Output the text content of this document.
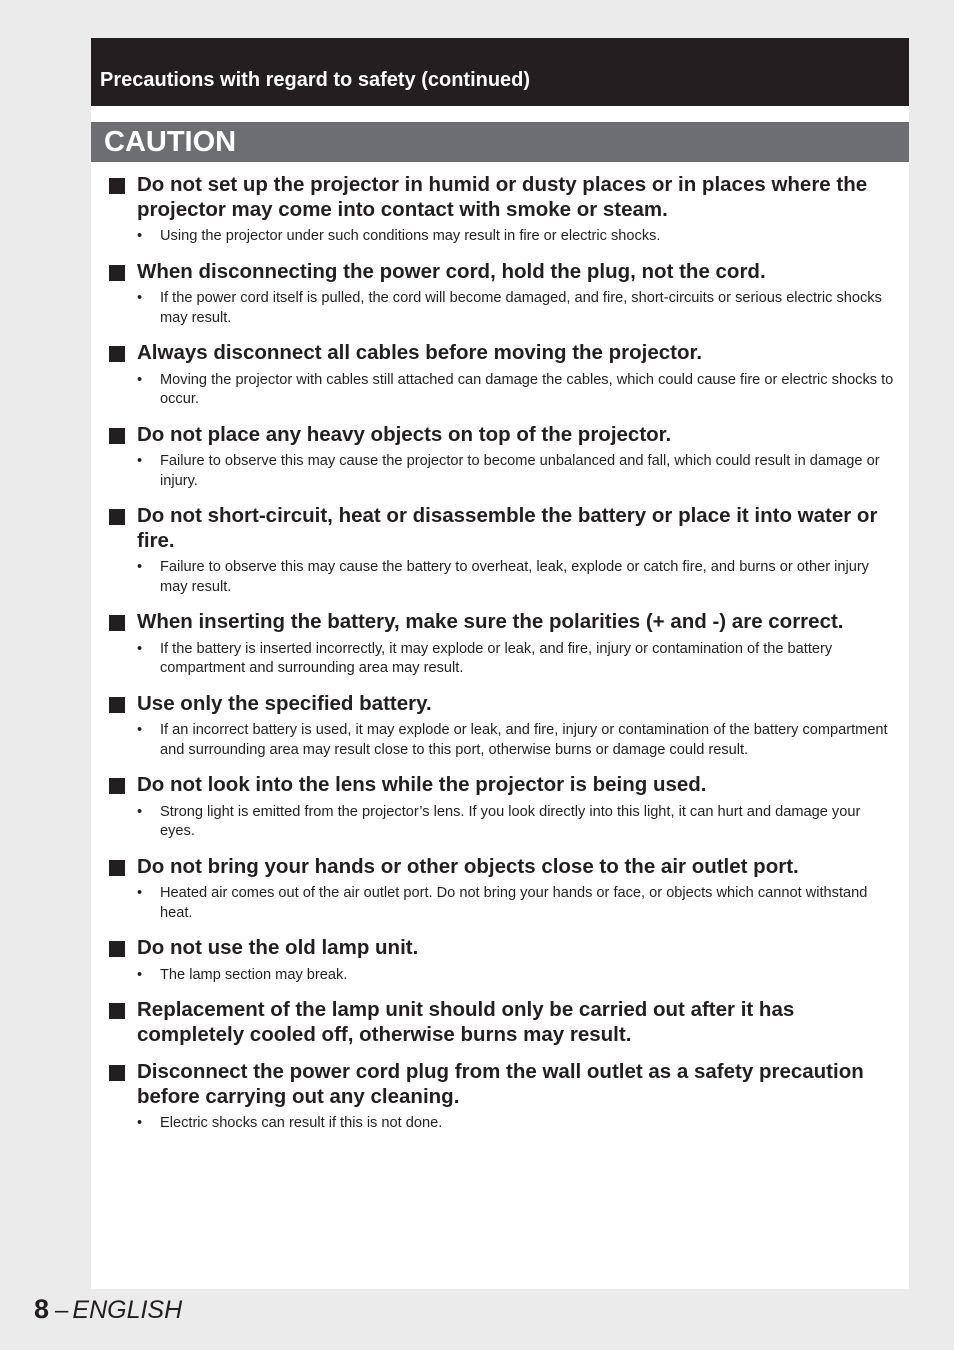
Precautions with regard to safety (continued)
CAUTION
Do not set up the projector in humid or dusty places or in places where the projector may come into contact with smoke or steam.
• Using the projector under such conditions may result in fire or electric shocks.
When disconnecting the power cord, hold the plug, not the cord.
• If the power cord itself is pulled, the cord will become damaged, and fire, short-circuits or serious electric shocks may result.
Always disconnect all cables before moving the projector.
• Moving the projector with cables still attached can damage the cables, which could cause fire or electric shocks to occur.
Do not place any heavy objects on top of the projector.
• Failure to observe this may cause the projector to become unbalanced and fall, which could result in damage or injury.
Do not short-circuit, heat or disassemble the battery or place it into water or fire.
• Failure to observe this may cause the battery to overheat, leak, explode or catch fire, and burns or other injury may result.
When inserting the battery, make sure the polarities (+ and -) are correct.
• If the battery is inserted incorrectly, it may explode or leak, and fire, injury or contamination of the battery compartment and surrounding area may result.
Use only the specified battery.
• If an incorrect battery is used, it may explode or leak, and fire, injury or contamination of the battery compartment and surrounding area may result close to this port, otherwise burns or damage could result.
Do not look into the lens while the projector is being used.
• Strong light is emitted from the projector’s lens. If you look directly into this light, it can hurt and damage your eyes.
Do not bring your hands or other objects close to the air outlet port.
• Heated air comes out of the air outlet port. Do not bring your hands or face, or objects which cannot withstand heat.
Do not use the old lamp unit.
• The lamp section may break.
Replacement of the lamp unit should only be carried out after it has completely cooled off, otherwise burns may result.
Disconnect the power cord plug from the wall outlet as a safety precaution before carrying out any cleaning.
• Electric shocks can result if this is not done.
8 – ENGLISH
